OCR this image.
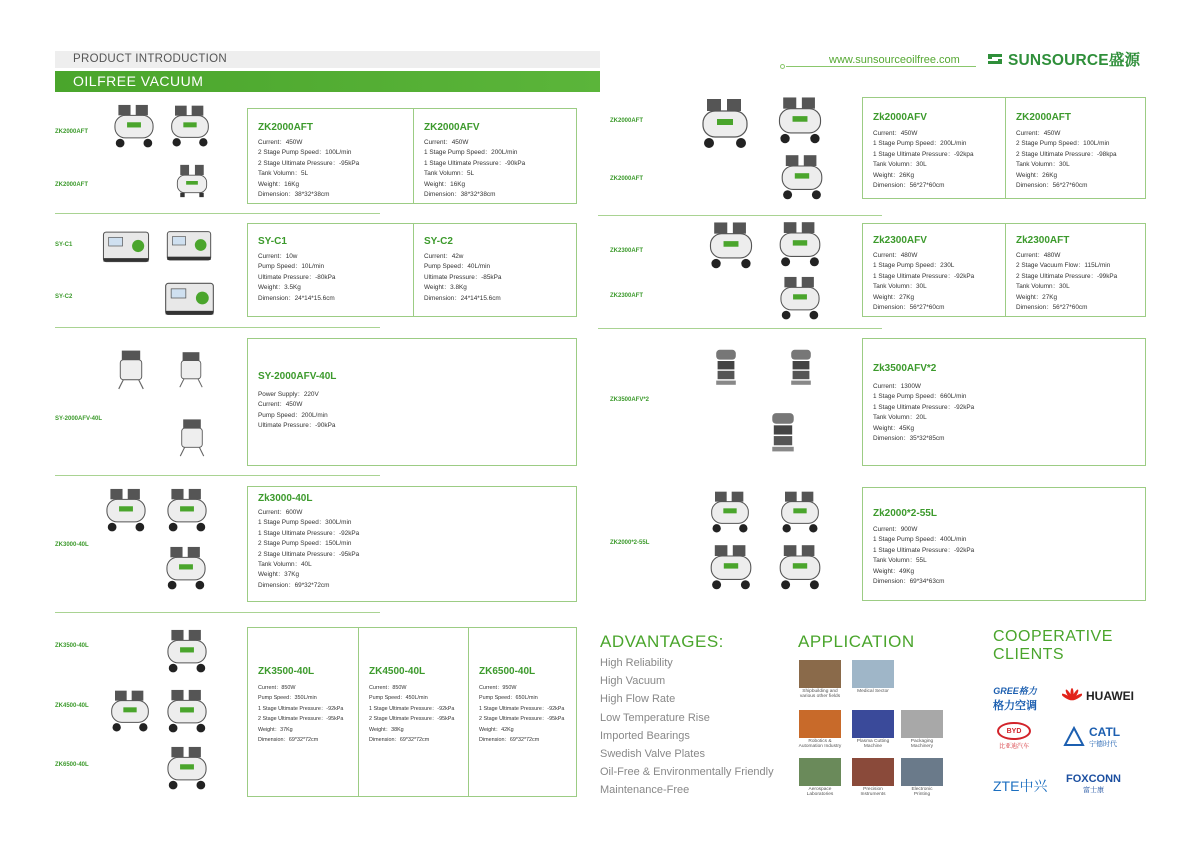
PRODUCT INTRODUCTION
OILFREE VACUUM
www.sunsourceoilfree.com	SUNSOURCE盛源
ZK2000AFT
ZK2000AFT
ZK2000AFT
Current：450W
2 Stage Pump Speed：100L/min
2 Stage Ultimate Pressure：-95kPa
Tank Volumn：5L
Weight：16Kg
Dimension：38*32*38cm
ZK2000AFV
Current：450W
1 Stage Pump Speed：200L/min
1 Stage Ultimate Pressure：-90kPa
Tank Volumn：5L
Weight：16Kg
Dimension：38*32*38cm
SY-C1
SY-C2
SY-C1
Current：10w
Pump Speed：10L/min
Ultimate Pressure：-80kPa
Weight：3.5Kg
Dimension：24*14*15.6cm
SY-C2
Current：42w
Pump Speed：40L/min
Ultimate Pressure：-85kPa
Weight：3.8Kg
Dimension：24*14*15.6cm
SY-2000AFV-40L
SY-2000AFV-40L
Power Supply：220V
Current：450W
Pump Speed：200L/min
Ultimate Pressure：-90kPa
ZK3000-40L
Zk3000-40L
Current：600W
1 Stage Pump Speed：300L/min
1 Stage Ultimate Pressure：-92kPa
2 Stage Pump Speed：150L/min
2 Stage Ultimate Pressure：-95kPa
Tank Volumn：40L
Weight：37Kg
Dimension：69*32*72cm
ZK3500-40L
ZK4500-40L
ZK6500-40L
ZK3500-40L
Current：850W
Pump Speed：350L/min
1 Stage Ultimate Pressure：-92kPa
2 Stage Ultimate Pressure：-95kPa
Weight：37Kg
Dimension：69*32*72cm
ZK4500-40L
Current：850W
Pump Speed：450L/min
1 Stage Ultimate Pressure：-92kPa
2 Stage Ultimate Pressure：-95kPa
Weight：38Kg
Dimension：69*32*72cm
ZK6500-40L
Current：950W
Pump Speed：650L/min
1 Stage Ultimate Pressure：-92kPa
2 Stage Ultimate Pressure：-95kPa
Weight：42Kg
Dimension：69*32*72cm
ZK2000AFT
ZK2000AFT
Zk2000AFV
Current：450W
1 Stage Pump Speed：200L/min
1 Stage Ultimate Pressure：-92kpa
Tank Volumn：30L
Weight：26Kg
Dimension：56*27*60cm
ZK2000AFT
Current：450W
2 Stage Pump Speed：100L/min
2 Stage Ultimate Pressure：-98kpa
Tank Volumn：30L
Weight：26Kg
Dimension：56*27*60cm
ZK2300AFT
ZK2300AFT
Zk2300AFV
Current：480W
1 Stage Pump Speed：230L
1 Stage Ultimate Pressure：-92kPa
Tank Volumn：30L
Weight：27Kg
Dimension：56*27*60cm
Zk2300AFT
Current：480W
2 Stage Vacuum Flow：115L/min
2 Stage Ultimate Pressure：-99kPa
Tank Volumn：30L
Weight：27Kg
Dimension：56*27*60cm
ZK3500AFV*2
Zk3500AFV*2
Current：1300W
1 Stage Pump Speed：660L/min
1 Stage Ultimate Pressure：-92kPa
Tank Volumn：20L
Weight：45Kg
Dimension：35*32*85cm
ZK2000*2-55L
Zk2000*2-55L
Current：900W
1 Stage Pump Speed：400L/min
1 Stage Ultimate Pressure：-92kPa
Tank Volumn：55L
Weight：49Kg
Dimension：69*34*63cm
ADVANTAGES:
High Reliability
High Vacuum
High Flow Rate
Low Temperature Rise
Imported Bearings
Swedish Valve Plates
Oil-Free & Environmentally Friendly
Maintenance-Free
APPLICATION
Shipbuilding and
various other fields
Medical Sector
Robotics &
Automation Industry
Plasma Cutting
Machine
Packaging
Machinery
Aerospace
Laboratories
Precision
Instruments
Electronic
Printing
COOPERATIVE
CLIENTS
GREE格力
格力空调
HUAWEI
BYD
比亚迪汽车
CATL
宁德时代
ZTE中兴 FOXCONN
富士康
